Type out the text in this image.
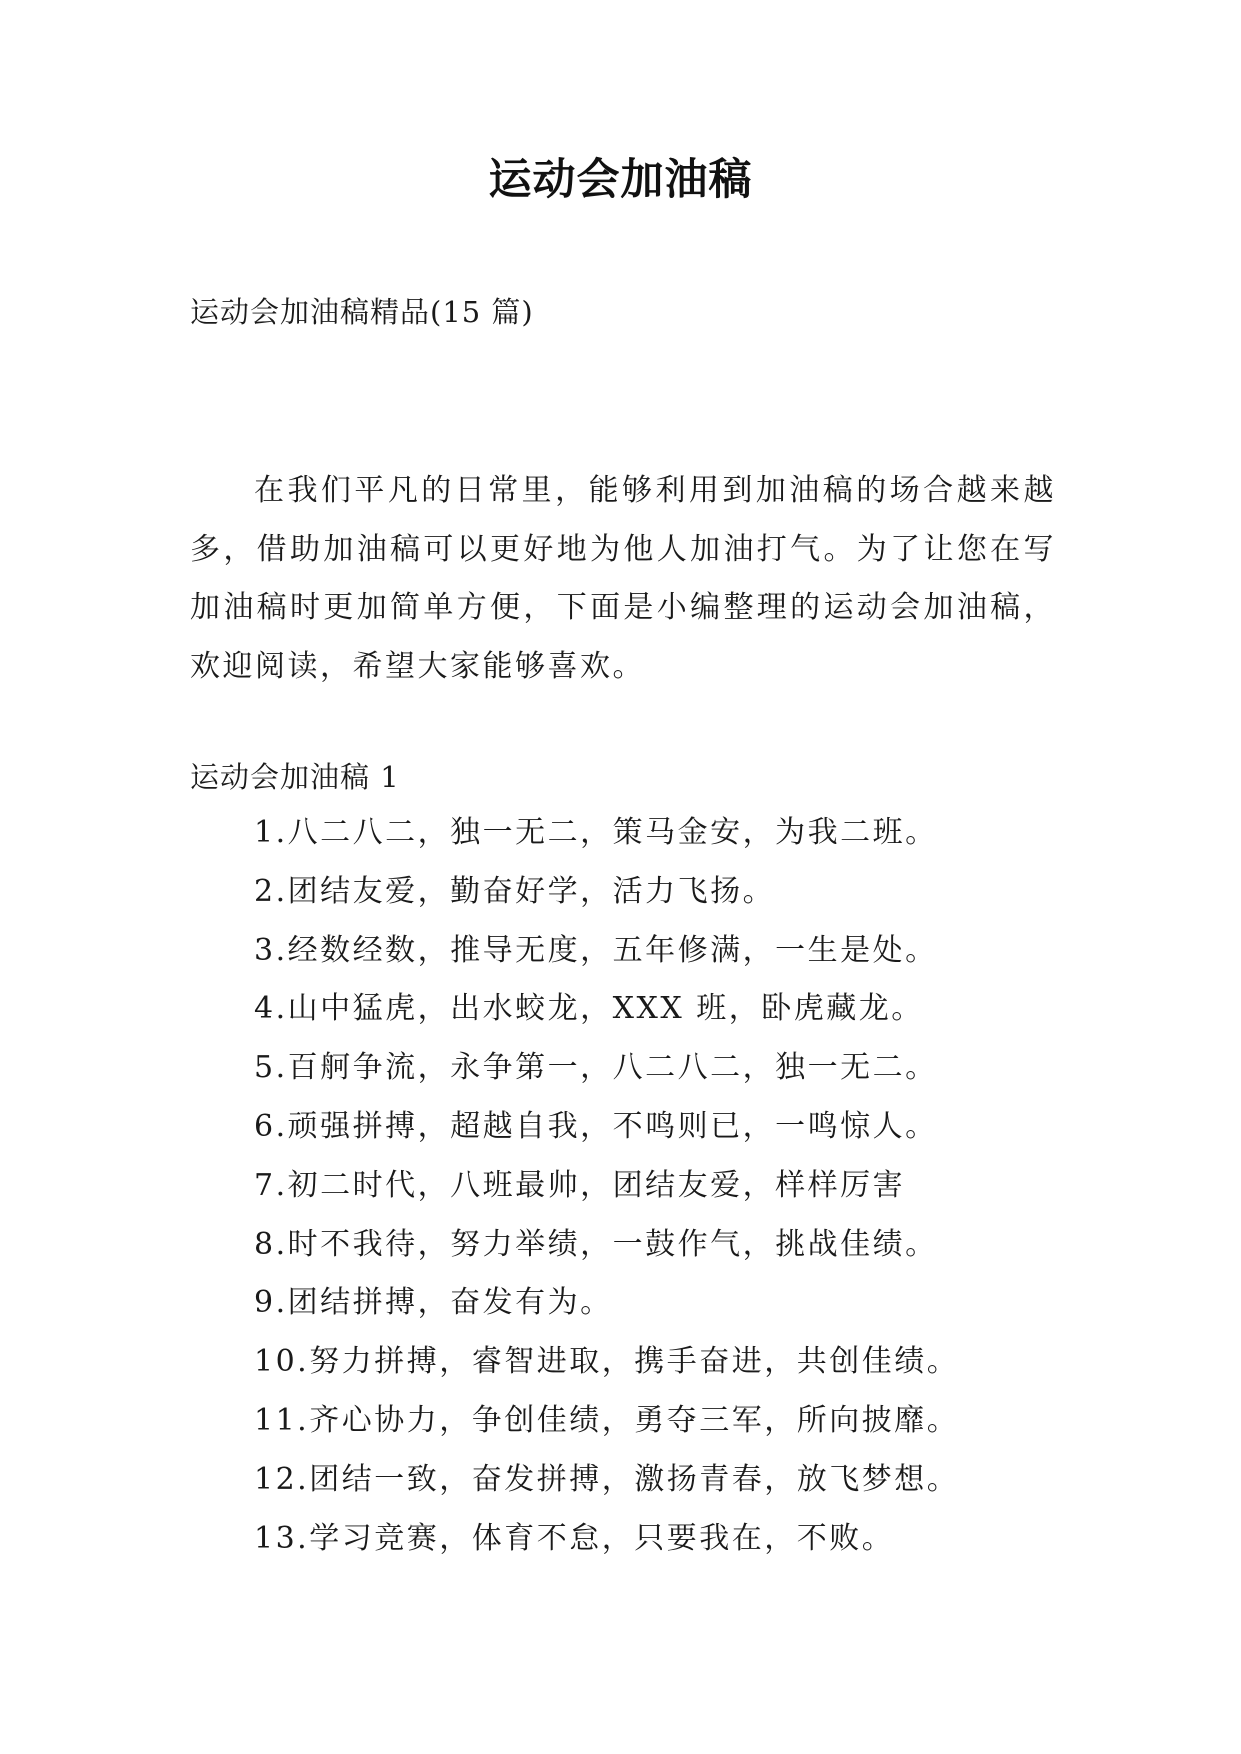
运动会加油稿
运动会加油稿精品(15 篇)

在我们平凡的日常里，能够利用到加油稿的场合越来越多，借助加油稿可以更好地为他人加油打气。为了让您在写加油稿时更加简单方便，下面是小编整理的运动会加油稿，欢迎阅读，希望大家能够喜欢。

运动会加油稿 1
1.八二八二，独一无二，策马金安，为我二班。
2.团结友爱，勤奋好学，活力飞扬。
3.经数经数，推导无度，五年修满，一生是处。
4.山中猛虎，出水蛟龙，XXX 班，卧虎藏龙。
5.百舸争流，永争第一，八二八二，独一无二。
6.顽强拼搏，超越自我，不鸣则已，一鸣惊人。
7.初二时代，八班最帅，团结友爱，样样厉害
8.时不我待，努力举绩，一鼓作气，挑战佳绩。
9.团结拼搏，奋发有为。
10.努力拼搏，睿智进取，携手奋进，共创佳绩。
11.齐心协力，争创佳绩，勇夺三军，所向披靡。
12.团结一致，奋发拼搏，激扬青春，放飞梦想。
13.学习竞赛，体育不怠，只要我在，不败。
